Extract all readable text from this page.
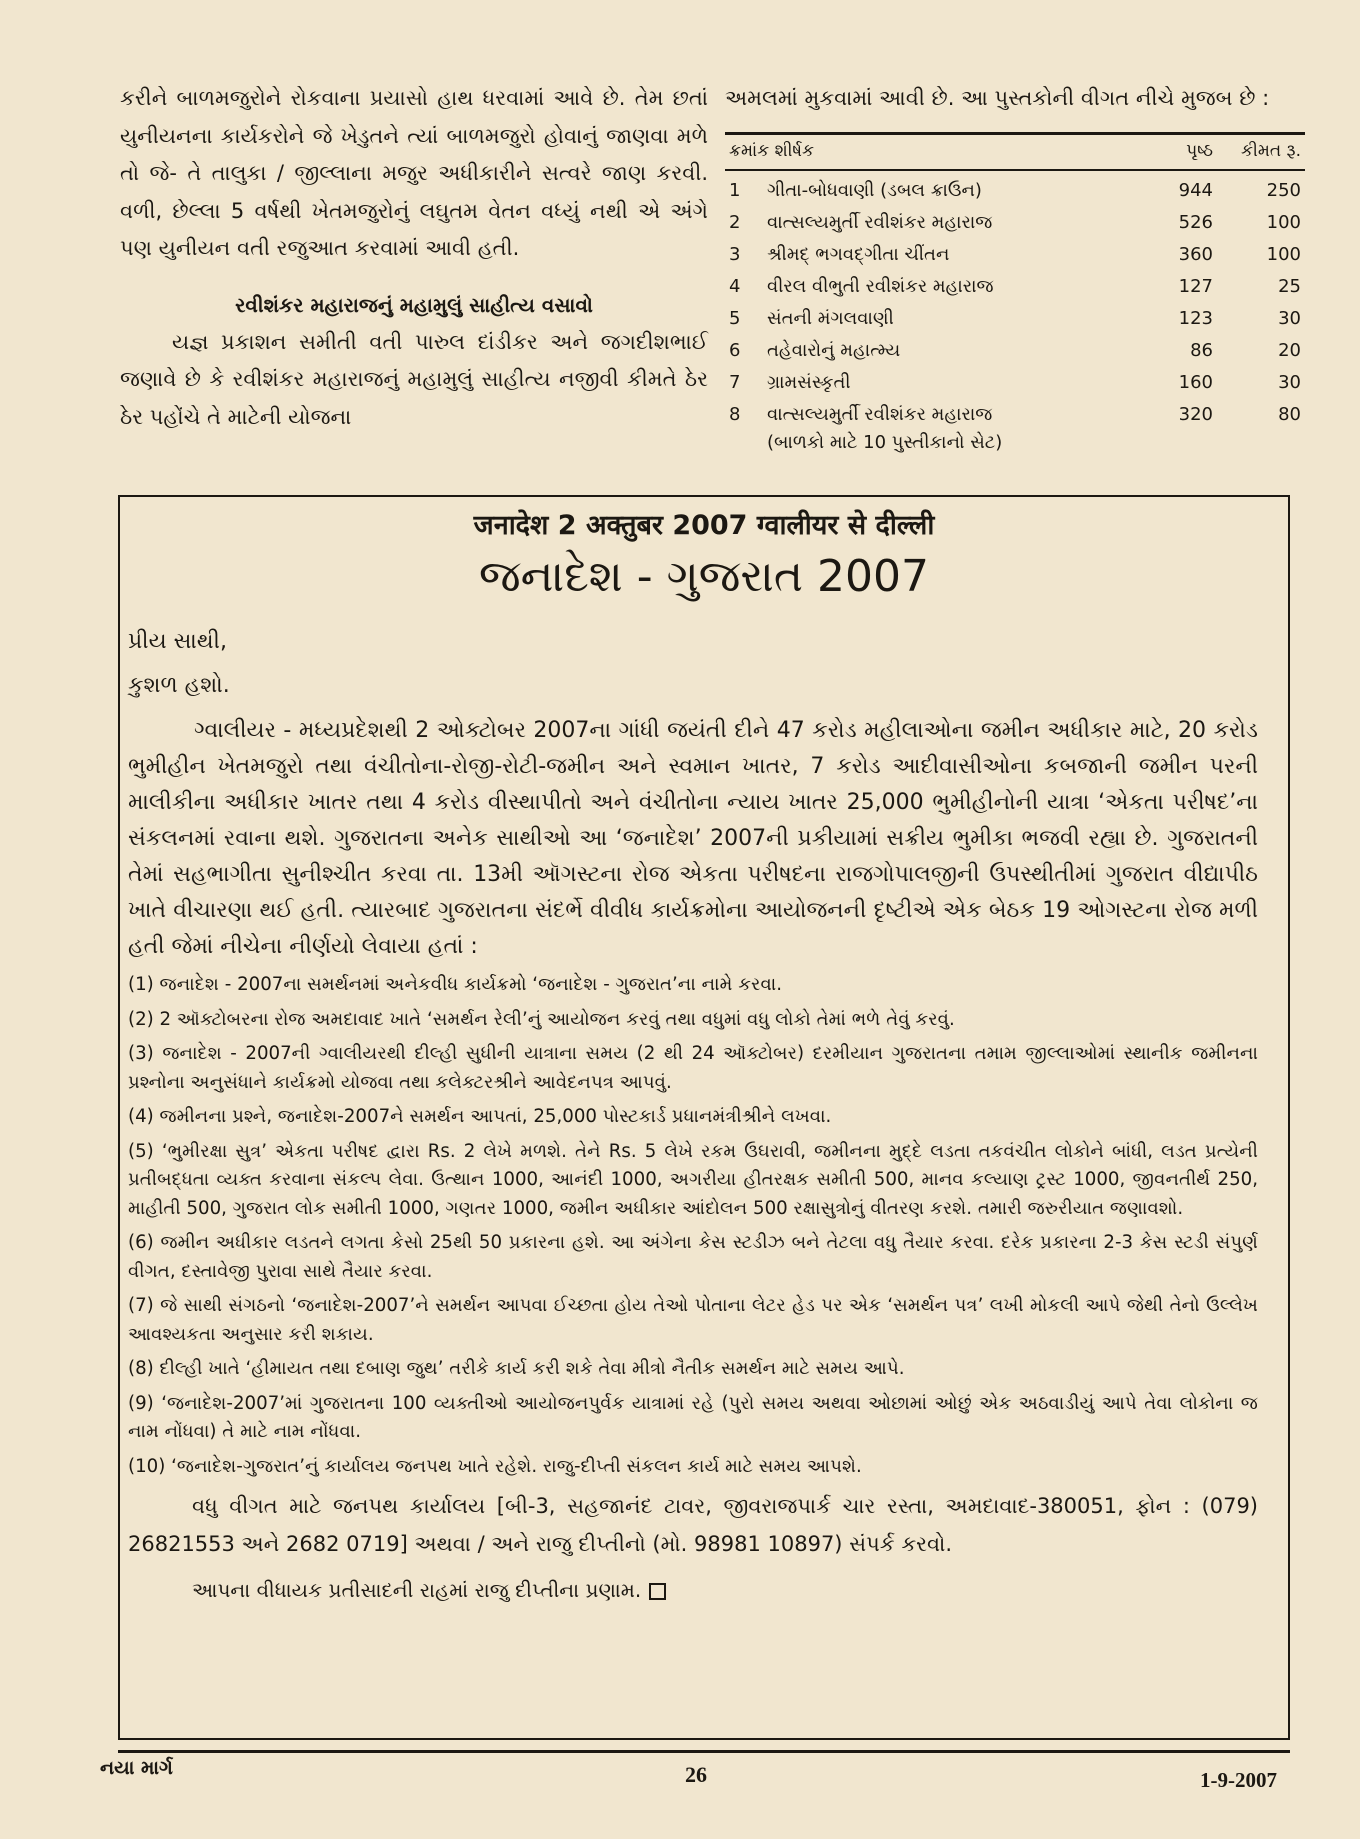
કરીને બાળમજુરોને રોકવાના પ્રયાસો હાથ ધરવામાં આવે છે. તેમ છતાં યુનીયનના કાર્યકરોને જે ખેડુતને ત્યાં બાળમજુરો હોવાનું જાણવા મળે તો જે- તે તાલુકા / જીલ્લાના મજુર અધીકારીને સત્વરે જાણ કરવી. વળી, છેલ્લા 5 વર્ષથી ખેતમજુરોનું લઘુતમ વેતન વધ્યું નથી એ અંગે પણ યુનીયન વતી રજુઆત કરવામાં આવી હતી.

રવીશંકર મહારાજનું મહામુલું સાહીત્ય વસાવો

યજ્ઞ પ્રકાશન સમીતી વતી પારુલ દાંડીકર અને જગદીશભાઈ જણાવે છે કે રવીશંકર મહારાજનું મહામુલું સાહીત્ય નજીવી કીમતે ઠેર ઠેર પહોંચે તે માટેની યોજના

અમલમાં મુકવામાં આવી છે. આ પુસ્તકોની વીગત નીચે મુજબ છે :

ક્રમાંક શીર્ષક		પૃષ્ઠ	કીમત રૂ.
1	ગીતા-બોધવાણી (ડબલ ક્રાઉન)	944	250
2	વાત્સલ્યમુર્તી રવીશંકર મહારાજ	526	100
3	શ્રીમદ્ ભગવદ્ગીતા ચીંતન	360	100
4	વીરલ વીભુતી રવીશંકર મહારાજ	127	25
5	સંતની મંગલવાણી	123	30
6	તહેવારોનું મહાત્મ્ય	86	20
7	ગ્રામસંસ્કૃતી	160	30
8	વાત્સલ્યમુર્તી રવીશંકર મહારાજ
(બાળકો માટે 10 પુસ્તીકાનો સેટ)	320	80
जनादेश 2 अक्तुबर 2007 ग्वालीयर से दील्ली
જનાદેશ - ગુજરાત 2007

પ્રીય સાથી,

કુશળ હશો.

ગ્વાલીયર - મધ્યપ્રદેશથી 2 ઓક્ટોબર 2007ના ગાંધી જયંતી દીને 47 કરોડ મહીલાઓના જમીન અધીકાર માટે, 20 કરોડ ભુમીહીન ખેતમજુરો તથા વંચીતોના-રોજી-રોટી-જમીન અને સ્વમાન ખાતર, 7 કરોડ આદીવાસીઓના કબજાની જમીન પરની માલીકીના અધીકાર ખાતર તથા 4 કરોડ વીસ્થાપીતો અને વંચીતોના ન્યાય ખાતર 25,000 ભુમીહીનોની યાત્રા ‘એકતા પરીષદ’ના સંકલનમાં રવાના થશે. ગુજરાતના અનેક સાથીઓ આ ‘જનાદેશ’ 2007ની પ્રકીયામાં સક્રીય ભુમીકા ભજવી રહ્યા છે. ગુજરાતની તેમાં સહભાગીતા સુનીશ્ચીત કરવા તા. 13મી ઑગસ્ટના રોજ એકતા પરીષદના રાજગોપાલજીની ઉપસ્થીતીમાં ગુજરાત વીદ્યાપીઠ ખાતે વીચારણા થઈ હતી. ત્યારબાદ ગુજરાતના સંદર્ભે વીવીધ કાર્યક્રમોના આયોજનની દૃષ્ટીએ એક બેઠક 19 ઓગસ્ટના રોજ મળી હતી જેમાં નીચેના નીર્ણયો લેવાયા હતાં :

(1) જનાદેશ - 2007ના સમર્થનમાં અનેકવીધ કાર્યક્રમો ‘જનાદેશ - ગુજરાત’ના નામે કરવા.

(2) 2 ઑક્ટોબરના રોજ અમદાવાદ ખાતે ‘સમર્થન રેલી’નું આયોજન કરવું તથા વધુમાં વધુ લોકો તેમાં ભળે તેવું કરવું.

(3) જનાદેશ - 2007ની ગ્વાલીયરથી દીલ્હી સુધીની યાત્રાના સમય (2 થી 24 ઑક્ટોબર) દરમીયાન ગુજરાતના તમામ જીલ્લાઓમાં સ્થાનીક જમીનના પ્રશ્નોના અનુસંધાને કાર્યક્રમો યોજવા તથા કલેક્ટરશ્રીને આવેદનપત્ર આપવું.

(4) જમીનના પ્રશ્ને, જનાદેશ-2007ને સમર્થન આપતાં, 25,000 પોસ્ટકાર્ડ પ્રધાનમંત્રીશ્રીને લખવા.

(5) ‘ભુમીરક્ષા સુત્ર’ એકતા પરીષદ દ્વારા Rs. 2 લેખે મળશે. તેને Rs. 5 લેખે રકમ ઉઘરાવી, જમીનના મુદ્દે લડતા તકવંચીત લોકોને બાંધી, લડત પ્રત્યેની પ્રતીબદ્ધતા વ્યક્ત કરવાના સંકલ્પ લેવા. ઉત્થાન 1000, આનંદી 1000, અગરીયા હીતરક્ષક સમીતી 500, માનવ કલ્યાણ ટ્રસ્ટ 1000, જીવનતીર્થ 250, માહીતી 500, ગુજરાત લોક સમીતી 1000, ગણતર 1000, જમીન અધીકાર આંદોલન 500 રક્ષાસુત્રોનું વીતરણ કરશે. તમારી જરુરીયાત જણાવશો.

(6) જમીન અધીકાર લડતને લગતા કેસો 25થી 50 પ્રકારના હશે. આ અંગેના કેસ સ્ટડીઝ બને તેટલા વધુ તૈયાર કરવા. દરેક પ્રકારના 2-3 કેસ સ્ટડી સંપુર્ણ વીગત, દસ્તાવેજી પુરાવા સાથે તૈયાર કરવા.

(7) જે સાથી સંગઠનો ‘જનાદેશ-2007’ને સમર્થન આપવા ઈચ્છતા હોય તેઓ પોતાના લેટર હેડ પર એક ‘સમર્થન પત્ર’ લખી મોકલી આપે જેથી તેનો ઉલ્લેખ આવશ્યકતા અનુસાર કરી શકાય.

(8) દીલ્હી ખાતે ‘હીમાયત તથા દબાણ જુથ’ તરીકે કાર્ય કરી શકે તેવા મીત્રો નૈતીક સમર્થન માટે સમય આપે.

(9) ‘જનાદેશ-2007’માં ગુજરાતના 100 વ્યક્તીઓ આયોજનપુર્વક યાત્રામાં રહે (પુરો સમય અથવા ઓછામાં ઓછું એક અઠવાડીયું આપે તેવા લોકોના જ નામ નોંધવા) તે માટે નામ નોંધવા.

(10) ‘જનાદેશ-ગુજરાત’નું કાર્યાલય જનપથ ખાતે રહેશે. રાજુ-દીપ્તી સંકલન કાર્ય માટે સમય આપશે.

વધુ વીગત માટે જનપથ કાર્યાલય [બી-3, સહજાનંદ ટાવર, જીવરાજપાર્ક ચાર રસ્તા, અમદાવાદ-380051, ફોન : (079) 26821553 અને 2682 0719] અથવા / અને રાજુ દીપ્તીનો (મો. 98981 10897) સંપર્ક કરવો.

આપના વીધાયક પ્રતીસાદની રાહમાં રાજુ દીપ્તીના પ્રણામ.

નયા માર્ગ	26	1-9-2007
